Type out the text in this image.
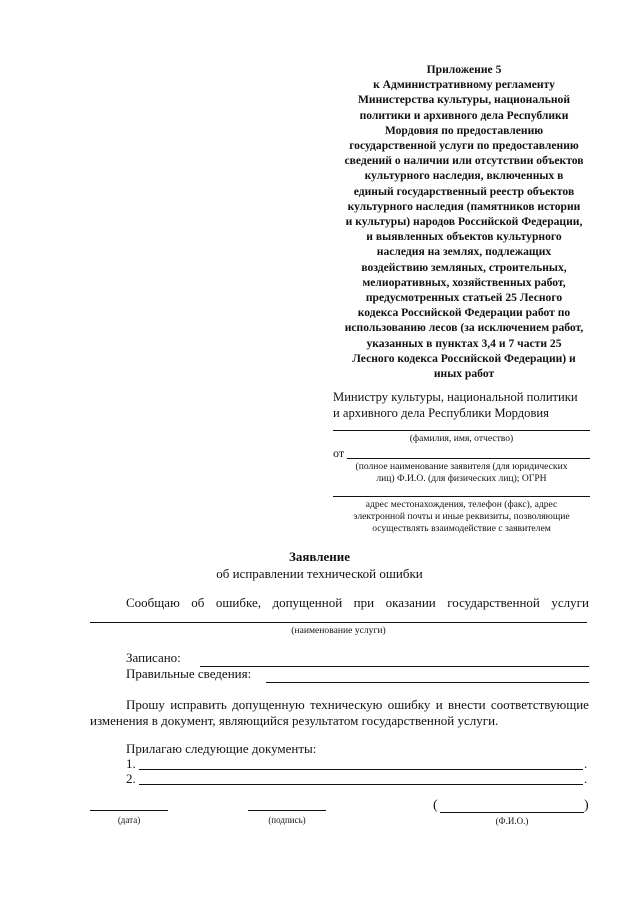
Приложение 5
к Административному регламенту
Министерства культуры, национальной
политики и архивного дела Республики
Мордовия по предоставлению
государственной услуги по предоставлению
сведений о наличии или отсутствии объектов
культурного наследия, включенных в
единый государственный реестр объектов
культурного наследия (памятников истории
и культуры) народов Российской Федерации,
и выявленных объектов культурного
наследия на землях, подлежащих
воздействию земляных, строительных,
мелиоративных, хозяйственных работ,
предусмотренных статьей 25 Лесного
кодекса Российской Федерации работ по
использованию лесов (за исключением работ,
указанных в пунктах 3,4 и 7 части 25
Лесного кодекса Российской Федерации) и
иных работ
Министру культуры, национальной политики
и архивного дела Республики Мордовия
(фамилия, имя, отчество)
от
(полное наименование заявителя (для юридических
лиц) Ф.И.О. (для физических лиц); ОГРН
адрес местонахождения, телефон (факс), адрес
электронной почты и иные реквизиты, позволяющие
осуществлять взаимодействие с заявителем
Заявление
об исправлении технической ошибки
Сообщаю об ошибке, допущенной при оказании государственной услуги
(наименование услуги)
Записано:
Правильные сведения:
Прошу исправить допущенную техническую ошибку и внести соответствующие
изменения в документ, являющийся результатом государственной услуги.
Прилагаю следующие документы:
1.	.
2.	.
(дата)	(подпись)
(	)
(Ф.И.О.)
